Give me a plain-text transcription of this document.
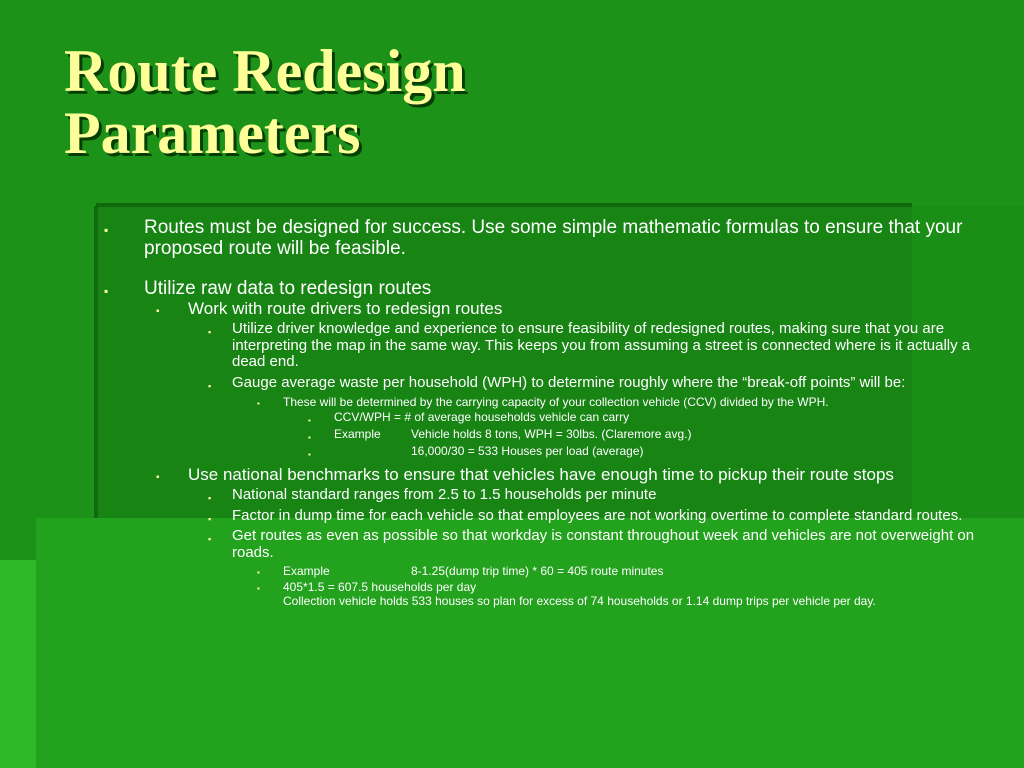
Route Redesign
Parameters
▪ Routes must be designed for success. Use some simple mathematic formulas to ensure that your proposed route will be feasible.
▪ Utilize raw data to redesign routes
▪ Work with route drivers to redesign routes
▪ Utilize driver knowledge and experience to ensure feasibility of redesigned routes, making sure that you are interpreting the map in the same way. This keeps you from assuming a street is connected where is it actually a dead end.
▪ Gauge average waste per household (WPH) to determine roughly where the “break-off points” will be:
▪ These will be determined by the carrying capacity of your collection vehicle (CCV) divided by the WPH.
▪ CCV/WPH = # of average households vehicle can carry
▪ Example	Vehicle holds 8 tons, WPH = 30lbs. (Claremore avg.)
▪	16,000/30 = 533 Houses per load (average)
▪ Use national benchmarks to ensure that vehicles have enough time to pickup their route stops
▪ National standard ranges from 2.5 to 1.5 households per minute
▪ Factor in dump time for each vehicle so that employees are not working overtime to complete standard routes.
▪ Get routes as even as possible so that workday is constant throughout week and vehicles are not overweight on roads.
▪ Example	8-1.25(dump trip time) * 60 = 405 route minutes
▪ 405*1.5 = 607.5 households per day
Collection vehicle holds 533 houses so plan for excess of 74 households or 1.14 dump trips per vehicle per day.
